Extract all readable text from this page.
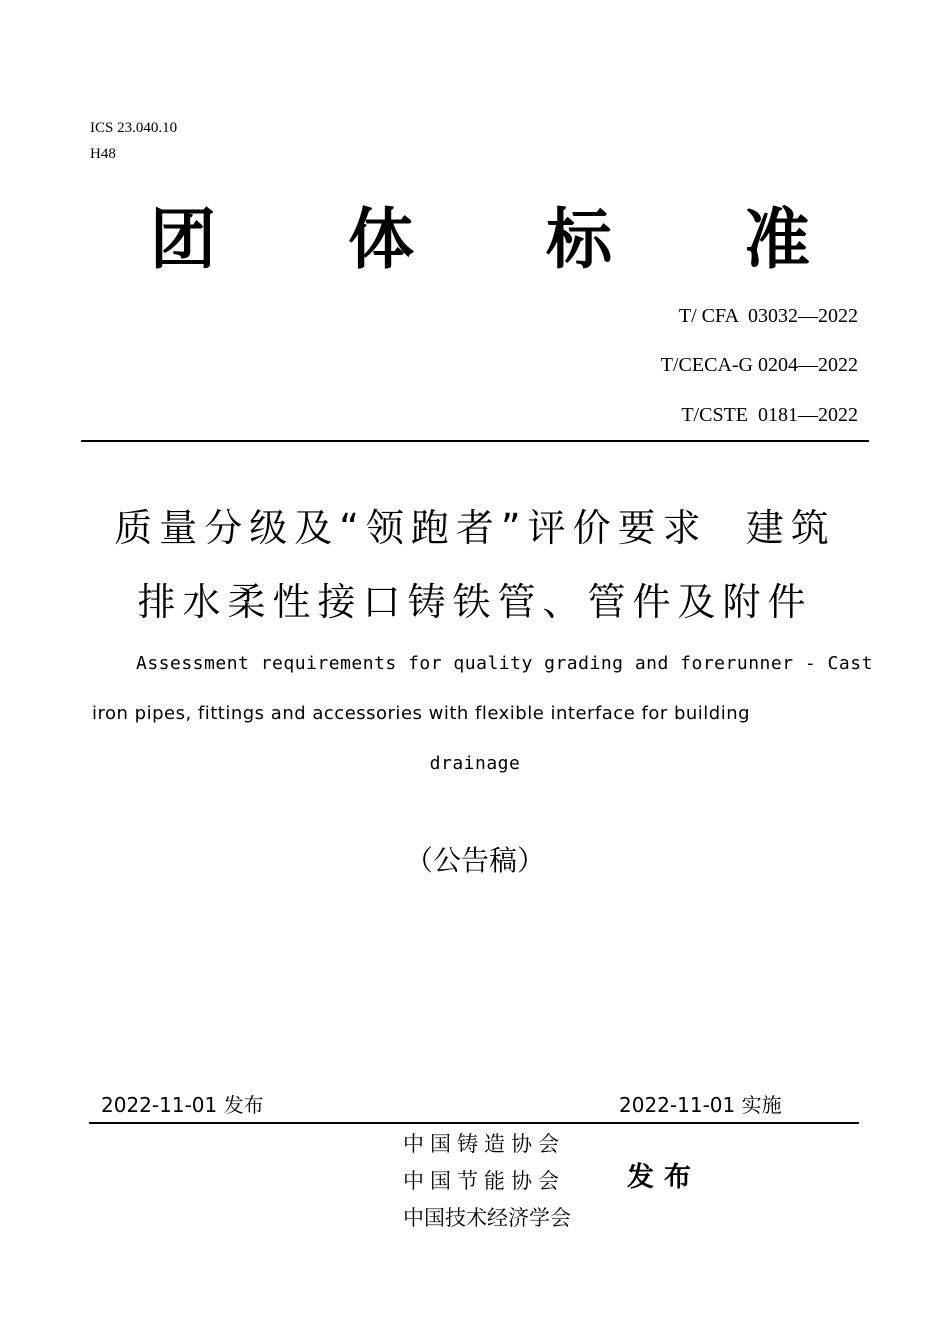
ICS 23.040.10
H48
团 体 标 准
T/ CFA  03032—2022
T/CECA-G 0204—2022
T/CSTE  0181—2022
质量分级及“领跑者”评价要求  建筑
排水柔性接口铸铁管、管件及附件
Assessment requirements for quality grading and forerunner - Cast
iron pipes, fittings and accessories with flexible interface for building
drainage
（公告稿）
2022-11-01 发布	2022-11-01 实施
中国铸造协会
中国节能协会
中国技术经济学会
发布
